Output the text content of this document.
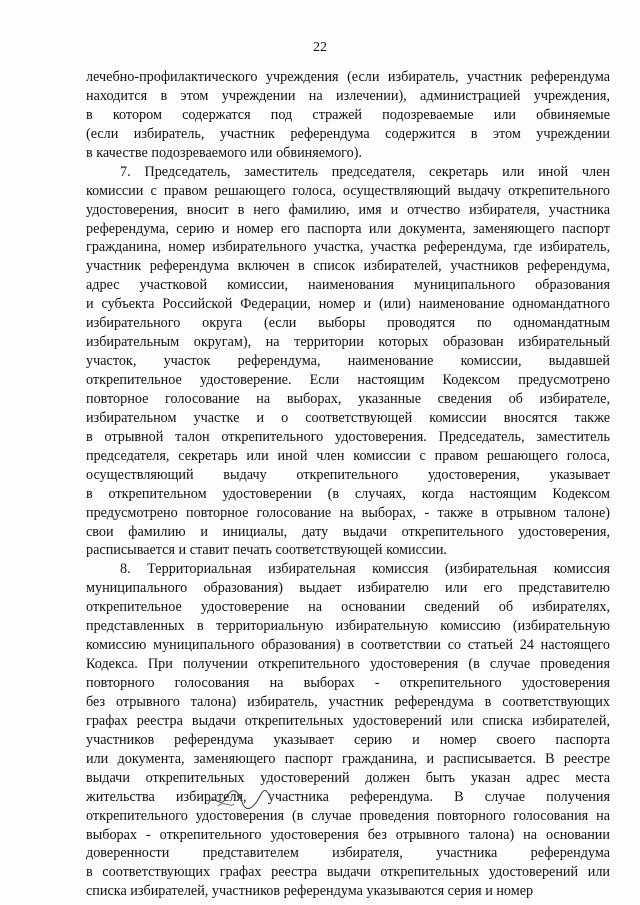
22
лечебно-профилактического учреждения (если избиратель, участник референдума
находится в этом учреждении на излечении), администрацией учреждения,
в котором содержатся под стражей подозреваемые или обвиняемые
(если избиратель, участник референдума содержится в этом учреждении
в качестве подозреваемого или обвиняемого).
7. Председатель, заместитель председателя, секретарь или иной член
комиссии с правом решающего голоса, осуществляющий выдачу открепительного
удостоверения, вносит в него фамилию, имя и отчество избирателя, участника
референдума, серию и номер его паспорта или документа, заменяющего паспорт
гражданина, номер избирательного участка, участка референдума, где избиратель,
участник референдума включен в список избирателей, участников референдума,
адрес участковой комиссии, наименования муниципального образования
и субъекта Российской Федерации, номер и (или) наименование одномандатного
избирательного округа (если выборы проводятся по одномандатным
избирательным округам), на территории которых образован избирательный
участок, участок референдума, наименование комиссии, выдавшей
открепительное удостоверение. Если настоящим Кодексом предусмотрено
повторное голосование на выборах, указанные сведения об избирателе,
избирательном участке и о соответствующей комиссии вносятся также
в отрывной талон открепительного удостоверения. Председатель, заместитель
председателя, секретарь или иной член комиссии с правом решающего голоса,
осуществляющий выдачу открепительного удостоверения, указывает
в открепительном удостоверении (в случаях, когда настоящим Кодексом
предусмотрено повторное голосование на выборах, - также в отрывном талоне)
свои фамилию и инициалы, дату выдачи открепительного удостоверения,
расписывается и ставит печать соответствующей комиссии.
8. Территориальная избирательная комиссия (избирательная комиссия
муниципального образования) выдает избирателю или его представителю
открепительное удостоверение на основании сведений об избирателях,
представленных в территориальную избирательную комиссию (избирательную
комиссию муниципального образования) в соответствии со статьей 24 настоящего
Кодекса. При получении открепительного удостоверения (в случае проведения
повторного голосования на выборах - открепительного удостоверения
без отрывного талона) избиратель, участник референдума в соответствующих
графах реестра выдачи открепительных удостоверений или списка избирателей,
участников референдума указывает серию и номер своего паспорта
или документа, заменяющего паспорт гражданина, и расписывается. В реестре
выдачи открепительных удостоверений должен быть указан адрес места
жительства избирателя, участника референдума. В случае получения
открепительного удостоверения (в случае проведения повторного голосования на
выборах - открепительного удостоверения без отрывного талона) на основании
доверенности представителем избирателя, участника референдума
в соответствующих графах реестра выдачи открепительных удостоверений или
списка избирателей, участников референдума указываются серия и номер
